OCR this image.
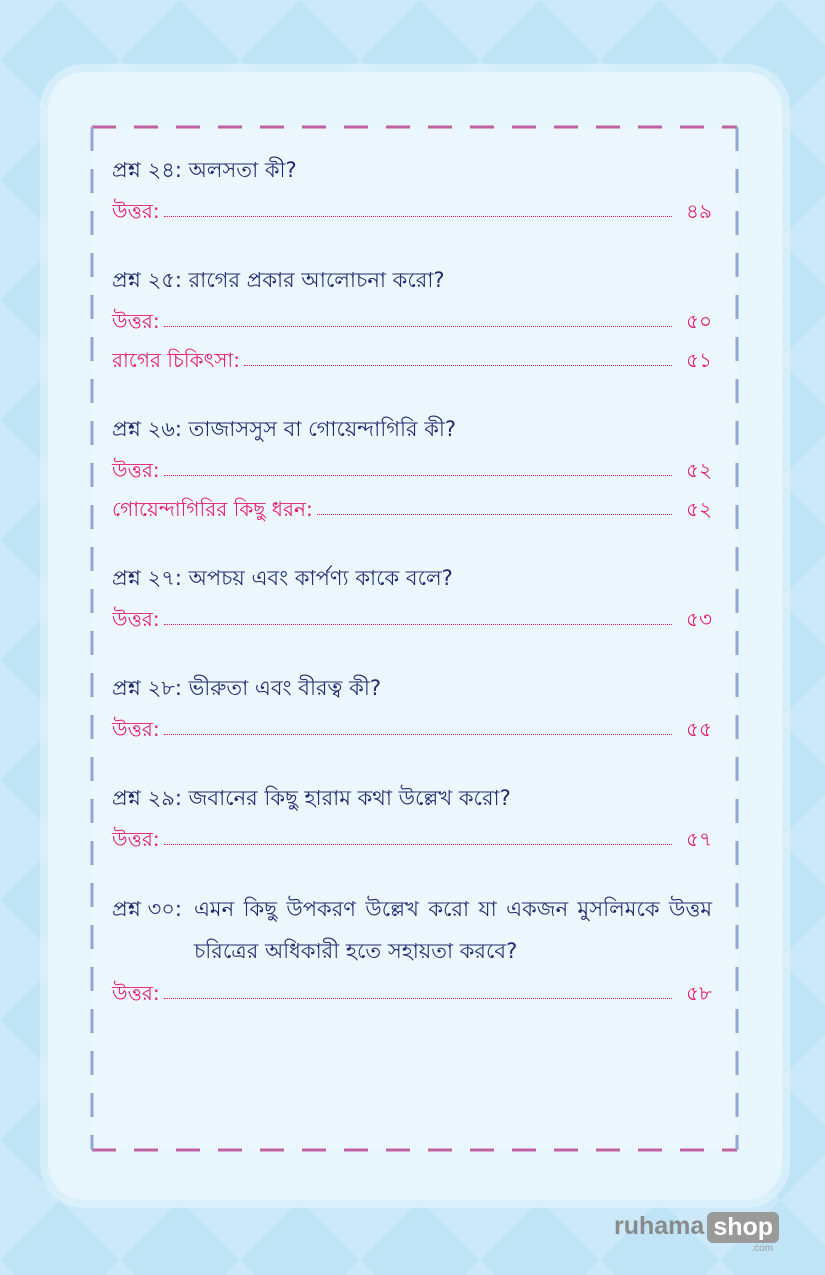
প্রশ্ন ২৪: অলসতা কী?

উত্তর:	৪৯

প্রশ্ন ২৫: রাগের প্রকার আলোচনা করো?

উত্তর:	৫০
রাগের চিকিৎসা:	৫১

প্রশ্ন ২৬: তাজাসসুস বা গোয়েন্দাগিরি কী?

উত্তর:	৫২
গোয়েন্দাগিরির কিছু ধরন:	৫২

প্রশ্ন ২৭: অপচয় এবং কার্পণ্য কাকে বলে?

উত্তর:	৫৩

প্রশ্ন ২৮: ভীরুতা এবং বীরত্ব কী?

উত্তর:	৫৫

প্রশ্ন ২৯: জবানের কিছু হারাম কথা উল্লেখ করো?

উত্তর:	৫৭
প্রশ্ন ৩০: এমন কিছু উপকরণ উল্লেখ করো যা একজন মুসলিমকে উত্তম চরিত্রের অধিকারী হতে সহায়তা করবে?
উত্তর:	৫৮
ruhama shop
.com
